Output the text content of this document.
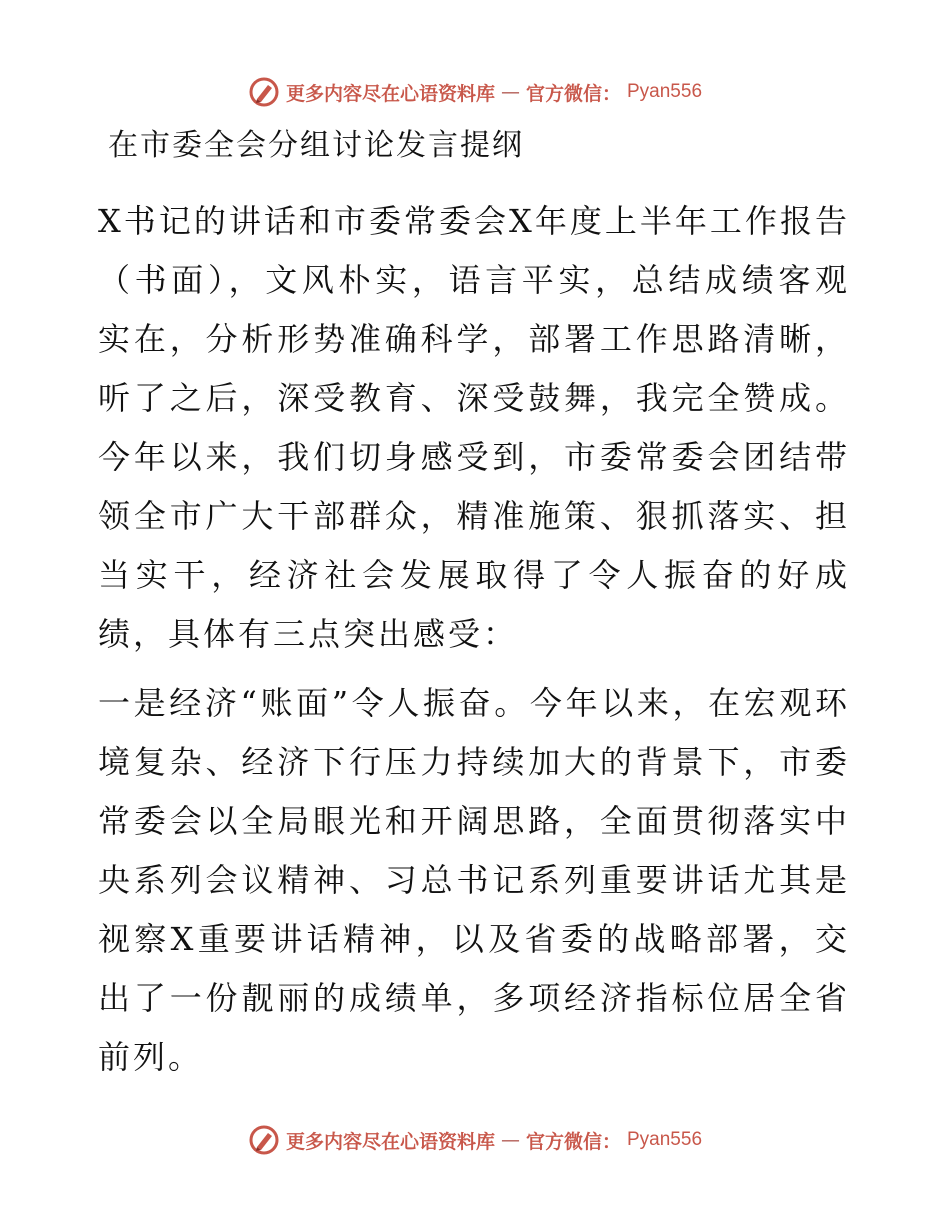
更多内容尽在心语资料库 — 官方微信： Pyan556
在市委全会分组讨论发言提纲
X书记的讲话和市委常委会X年度上半年工作报告（书面），文风朴实，语言平实，总结成绩客观实在，分析形势准确科学，部署工作思路清晰，听了之后，深受教育、深受鼓舞，我完全赞成。今年以来，我们切身感受到，市委常委会团结带领全市广大干部群众，精准施策、狠抓落实、担当实干，经济社会发展取得了令人振奋的好成绩，具体有三点突出感受：
一是经济“账面”令人振奋。今年以来，在宏观环境复杂、经济下行压力持续加大的背景下，市委常委会以全局眼光和开阔思路，全面贯彻落实中央系列会议精神、习总书记系列重要讲话尤其是视察X重要讲话精神，以及省委的战略部署，交出了一份靓丽的成绩单，多项经济指标位居全省前列。
更多内容尽在心语资料库 — 官方微信： Pyan556
